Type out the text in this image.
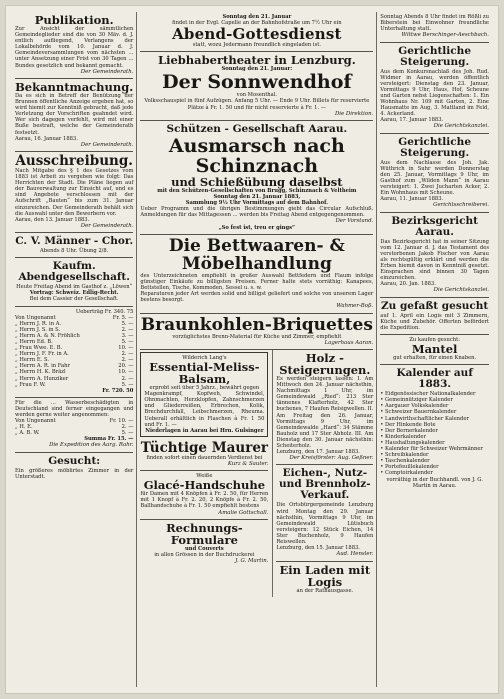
Publikation.
Zur Ansicht der sämmtlichen Gemeindeglieder sind die von 30 Mäv. d. J. entlich aufliegend, Verlangens der Lokalbehörde vom 10. Januar d. J. Gemeindeversammlungen vom nächsten ... unter Ansetzung einer Frist von 30 Tagen ... Bundes gesetzlich und bekannt gemacht.
Der Gemeinderath.
Bekanntmachung.
Da es sich in Betreff der Benützung der Brunnen öffentliche Anzeige ergeben hat, so wird hiemit zur Kenntniß gebracht, daß jede Verletzung der Vorschriften geahndet wird. Wer sich dagegen verfehlt, wird mit einer Buße bestraft, welche der Gemeinderath festsetzt.
Aarau, 16. Januar 1883.
Der Gemeinderath.
Ausschreibung.
Nach Mitgabe des § 1 des Gesetzes vom 1883 ist Arbeit zu vergeben wie folgt: Das Herrichten der Stadt. Die Pläne liegen auf der Bauverwaltung zur Einsicht auf, und es sind Angebote verschlossen mit der Aufschrift „Bauten“ bis zum 31. Januar einzureichen. Der Gemeinderath behält sich die Auswahl unter den Bewerbern vor.
Aarau, den 13. Januar 1883.
Der Gemeinderath.
C. V. Männer - Chor.
Abends 8 Uhr. Übung 2/8.
Kaufm. Abendgesellschaft.
Heute Freitag Abend im Gasthof z. „Löwen“
Vortrag: Schweiz. Edlig-Recht.
Bei dem Cassier der Gesellschaft.
Ueberträg Fr. 340. 75
Von Ungenannt	Fr. 5. —
„ Herrn J. R. in A.	5. —
„ Herrn J. S. in S.	2. —
„ Herrn A. & N. Fröhlich	3. —
„ Herrn Ed. B.	5. —
„ Frau Wwe. E. B.	10. —
„ Herrn J. F. Fr. in A.	2. —
„ Herrn E. S.	2. —
„ Herrn A. R. in Fahr	20. —
„ Herrn H. K. Bräzl	10. —
„ Herrn A. Hunziker	2. —
„ Frau F. W.	5. —
Fr. 720. 50
Für die ... Wasserbeschädigten in Deutschland sind ferner eingegangen und werden gerne weiter angenommen:
Von Ungenannt	Fr. 10. —
„ H. E.	2. —
„ A. B. W.	5. —
Summa Fr. 15. —
Die Expedition des Aarg. Rahr.
Gesucht:
Ein größeres möblirtes Zimmer in der Unterstadt.
Sonntag den 21. Januar
findet in der Evgl. Capelle an der Bahnhofstraße um 7½ Uhr ein
Abend-Gottesdienst
statt, wozu Jedermann freundlich eingeladen ist.
Liebhabertheater in Lenzburg.
Sonntag den 21. Januar:
Der Sonnwendhof
von Mosenthal.
Volksschauspiel in fünf Aufzügen. Anfang 5 Uhr. — Ende 9 Uhr. Billets für reservierte Plätze à Fr. 1. 50 und für nicht reservierte à Fr. 1. —
Die Direktion.
Schützen - Gesellschaft Aarau.
Ausmarsch nach Schinznach
und Schießübung daselbst
mit den Schützen-Gesellschaften von Brugg, Schinznach & Veltheim
Sonntag den 21. Januar 1883,
Sammlung 9½ Uhr Vormittags auf dem Bahnhof.
Ueber Programm und die übrigen Bestimmungen giebt das Circular Aufschluß. Anmeldungen für das Mittagessen ... werden bis Freitag Abend entgegengenommen.
Der Vorstand.
„So fest ist, treu er gings“
Die Bettwaaren- & Möbelhandlung
des Unterzeichneten empfiehlt in großer Auswahl Bettfedern und Flaum infolge günstiger Einkäufe zu billigsten Preisen. Ferner halte stets vorräthig: Kanapees, Bettstellen, Tische, Kommoden, Sessel u. s. w.
Reparaturen jeder Art werden solid und billigst geliefert und solche von unserem Lager bestens besorgt.
Wahmer-Boß.
Braunkohlen-Briquettes
vorzüglichstes Brenn-Material für Küche und Zimmer, empfiehlt
Lagerhaus Aaran.
Wilderich Lang's
Essential-Meliss-Balsam,
erprobt seit über 5 Jahrz., bewährt gegen
Magenkrampf, Kopfweh, Schwindel, Ohnmachten, Herzklopfen, Zahnschmerzen und Gliederreißen, Erbrechen, Kolik, Brechdurchfall, Leibschmerzen, Rheuma. Ueberall erhältlich in Flaschen à Fr. 1 50 und Fr. 1. —
Niederlagen in Aarau bei Hrn. Gulsinger
Tüchtige Maurer
finden sofort einen dauernden Verdienst bei
Kurz & Sauter.
Weiße
Glacé-Handschuhe
für Damen mit 4 Knöpfen à Fr. 2. 50, für Herren mit 1 Knopf à Fr. 2. 20, 2 Knöpfe à Fr. 2. 50, Ballhandschuhe à Fr. 1. 50 empfiehlt bestens
Amalie Gottschall.
Rechnungs-Formulare
und Couverts
in allen Grössen in der Buchdruckerei
J. G. Martin.
Holz - Steigerungen.
Es werden steigern lassen: I. Am Mittwoch den 24. Januar nächsthin, Nachmittags 1 Uhr, im Gemeindewald „Ried“: 213 Ster tännenes Klafterholz, 42 Ster buchenes, 7 Haufen Reisigwellen. II. Am Freitag den 26. Januar, Vormittags 9 Uhr, im Gemeindewalde „Hard“: 34 Stämme Bauholz und 17 Ster Abholz. III. Am Dienstag den 30. Januar nächsthin: Scheiterholz.
Lenzburg, den 17. Januar 1883.
Der Kreisförster: Aug. Geßner.
Eichen-, Nutz- und Brennholz-Verkauf.
Die Ortsbürgergemeinde Lenzburg wird Montag den 29. Januar nächsthin, Vormittags 9 Uhr, im Gemeindewald Lütisbuch versteigern: 12 Stück Eichen, 14 Ster Buchenholz, 9 Haufen Reiswellen.
Lenzburg, den 15. Januar 1883.
Aud. Hensler.
Ein Laden mit Logis
an der Rathausgasse.
Sonntag Abends 8 Uhr findet im Rößli zu Biberstein bei Einwohner freundliche Unterhaltung statt.
Wittwe Berschinger-Aeschbach.
Gerichtliche Steigerung.
Aus dem Konkursnachlaß des Joh. Rud. Widmer in Aarau, werden öffentlich versteigert: Dienstag den 23. Januar, Vormittags 9 Uhr, Haus, Hof, Scheune und Garten nebst Liegenschaften: 1. Ein Wohnhaus Nr. 109 mit Garten, 2. Eine Hausmatte im Aug, 3. Mattland im Feld, 4. Ackerland.
Aarau, 17. Januar 1883.
Die Gerichtskanzlei.
Gerichtliche Steigerung.
Aus dem Nachlasse des Joh. Jak. Wüthrich in Suhr werden Donnerstag den 25. Januar, Vormittags 9 Uhr, im Gasthof zum „Wilden Mann“ in Aarau versteigert: 1. Zwei Jucharten Acker, 2. Ein Wohnhaus mit Scheune.
Aarau, 11. Januar 1883.
Gerichtsschreiberei.
Bezirksgericht Aarau.
Das Bezirksgericht hat in seiner Sitzung vom 12. Januar d. J. das Testament des verstorbenen Jakob Fischer von Aarau als rechtsgültig erklärt und werden die Erben hiemit davon in Kenntniß gesetzt. Einsprachen sind binnen 30 Tagen einzureichen.
Aarau, 20. Jan. 1883.
Die Gerichtskanzlei.
Zu gefaßt gesucht
auf 1. April ein Logis mit 3 Zimmern, Küche und Zubehör. Offerten befördert die Expedition.
Zu kaufen gesucht:
Mantel
gut erhalten, für einen Knaben.
Kalender auf 1883.
• Eidgenössischer Nationalkalender
• Gemeinnütziger Kalender
• Aargauer Volkskalender
• Schweizer Bauernkalender
• Landwirthschaftlicher Kalender
• Der Hinkende Bote
• Der Bernerkalender
• Kinderkalender
• Haushaltungskalender
• Kalender für Schweizer Wehrmänner
• Schreibkalender
• Taschenkalender
• Portefeuillekalender
• Comptoirkalender
vorräthig in der Buchhandl. von J. G. Martin in Aarau.
